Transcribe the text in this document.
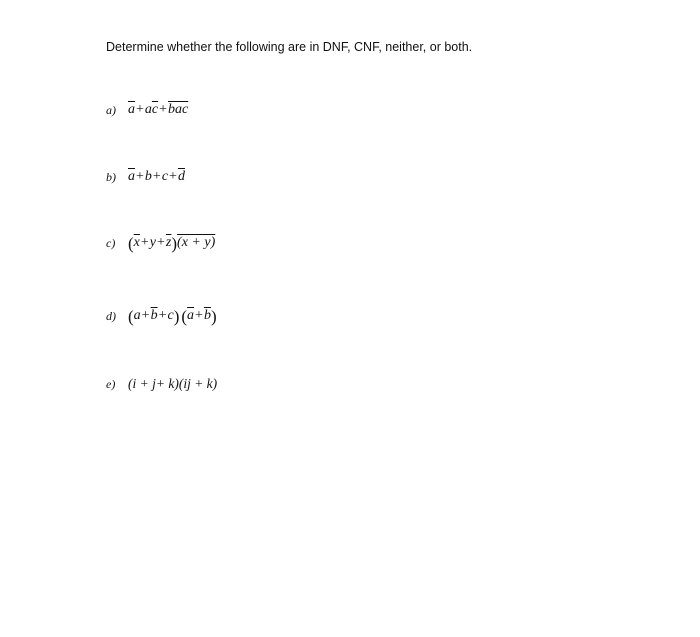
Determine whether the following are in DNF, CNF, neither, or both.
a) $\overline{a} + a$ $\overline{c} + \overline{bac}$
b) $\overline{a} + b + c + \overline{d}$
c) ( $\overline{x} + y + \overline{z}$ ) (x + y)
d) ( $a + \overline{b} + c$ ) ( $\overline{a} + \overline{b}$ )
e) (i + j+ k)(ij + k)
